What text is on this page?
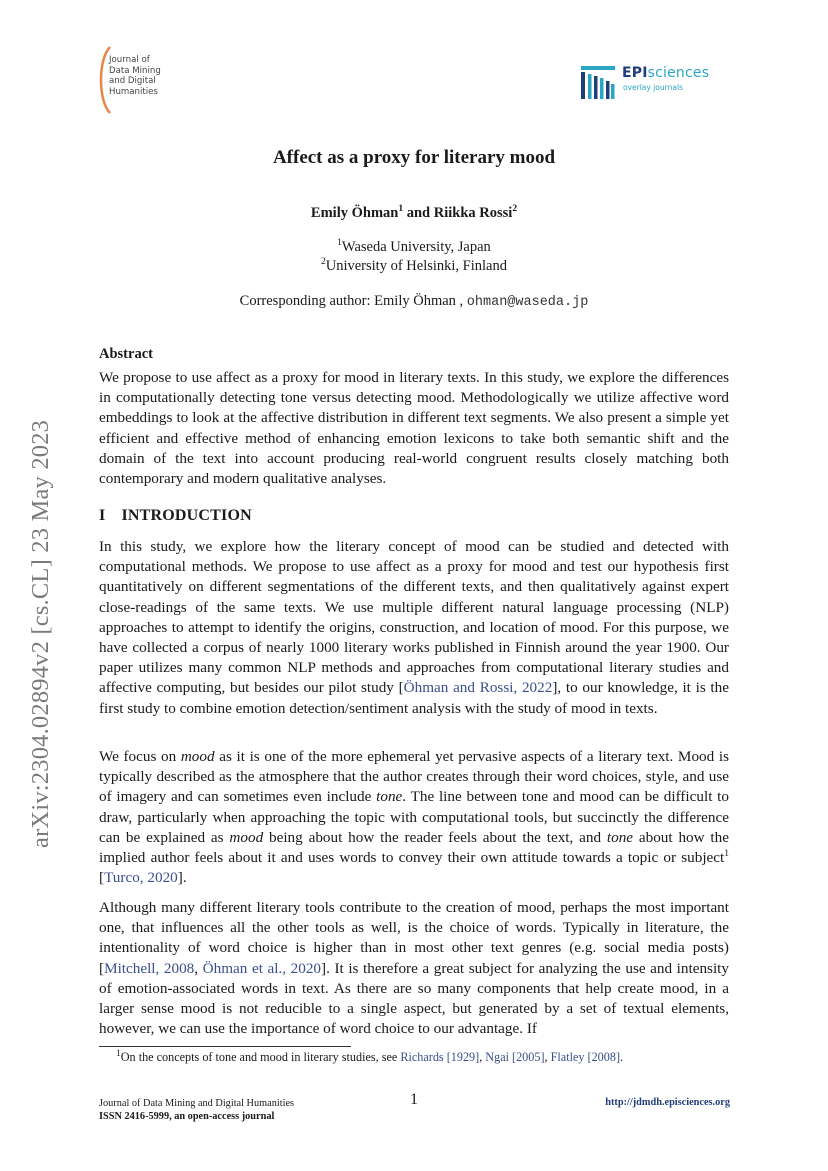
Journal of
Data Mining
and Digital
Humanities
EPIsciences
overlay journals
arXiv:2304.02894v2 [cs.CL] 23 May 2023
Affect as a proxy for literary mood
Emily Öhman$^1$ and Riikka Rossi$^2$
$^1$Waseda University, Japan
$^2$University of Helsinki, Finland
Corresponding author: Emily Öhman , ohman@waseda.jp
Abstract
We propose to use affect as a proxy for mood in literary texts. In this study, we explore the differences in computationally detecting tone versus detecting mood. Methodologically we utilize affective word embeddings to look at the affective distribution in different text segments. We also present a simple yet efficient and effective method of enhancing emotion lexicons to take both semantic shift and the domain of the text into account producing real-world congruent results closely matching both contemporary and modern qualitative analyses.
I INTRODUCTION
In this study, we explore how the literary concept of mood can be studied and detected with computational methods. We propose to use affect as a proxy for mood and test our hypothesis first quantitatively on different segmentations of the different texts, and then qualitatively against expert close-readings of the same texts. We use multiple different natural language processing (NLP) approaches to attempt to identify the origins, construction, and location of mood. For this purpose, we have collected a corpus of nearly 1000 literary works published in Finnish around the year 1900. Our paper utilizes many common NLP methods and approaches from computational literary studies and affective computing, but besides our pilot study [Öhman and Rossi, 2022], to our knowledge, it is the first study to combine emotion detection/sentiment analysis with the study of mood in texts.
We focus on mood as it is one of the more ephemeral yet pervasive aspects of a literary text. Mood is typically described as the atmosphere that the author creates through their word choices, style, and use of imagery and can sometimes even include tone. The line between tone and mood can be difficult to draw, particularly when approaching the topic with computational tools, but succinctly the difference can be explained as mood being about how the reader feels about the text, and tone about how the implied author feels about it and uses words to convey their own attitude towards a topic or subject$^1$ [Turco, 2020].
Although many different literary tools contribute to the creation of mood, perhaps the most important one, that influences all the other tools as well, is the choice of words. Typically in literature, the intentionality of word choice is higher than in most other text genres (e.g. social media posts) [Mitchell, 2008, Öhman et al., 2020]. It is therefore a great subject for analyzing the use and intensity of emotion-associated words in text. As there are so many components that help create mood, in a larger sense mood is not reducible to a single aspect, but generated by a set of textual elements, however, we can use the importance of word choice to our advantage. If
$^1$On the concepts of tone and mood in literary studies, see Richards [1929], Ngai [2005], Flatley [2008].
Journal of Data Mining and Digital Humanities
ISSN 2416-5999, an open-access journal
1	http://jdmdh.episciences.org
